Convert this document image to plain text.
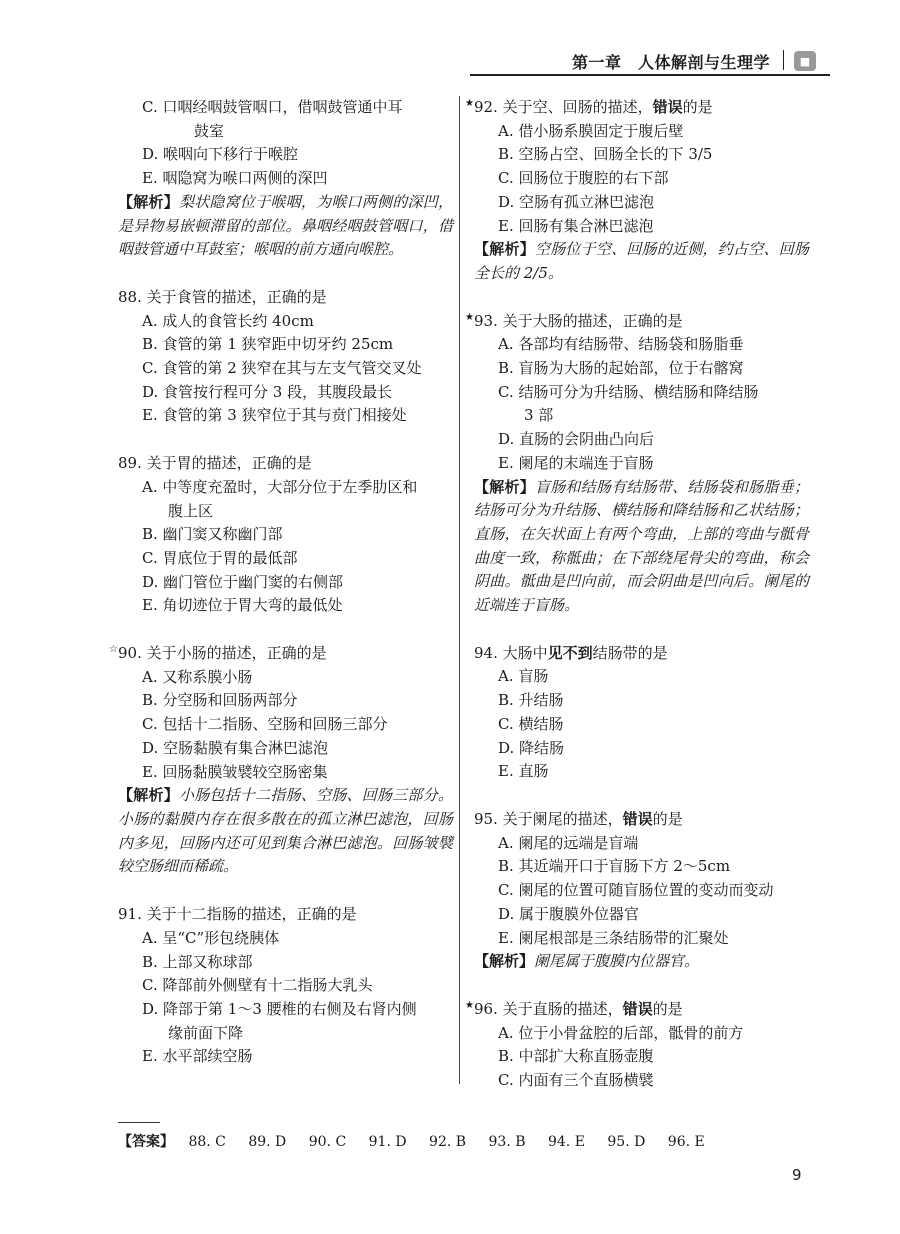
第一章　人体解剖与生理学	■
C. 口咽经咽鼓管咽口，借咽鼓管通中耳
鼓室
D. 喉咽向下移行于喉腔
E. 咽隐窝为喉口两侧的深凹
【解析】梨状隐窝位于喉咽，为喉口两侧的深凹，是异物易嵌顿滞留的部位。鼻咽经咽鼓管咽口，借咽鼓管通中耳鼓室；喉咽的前方通向喉腔。
88. 关于食管的描述，正确的是
A. 成人的食管长约 40cm
B. 食管的第 1 狭窄距中切牙约 25cm
C. 食管的第 2 狭窄在其与左支气管交叉处
D. 食管按行程可分 3 段，其腹段最长
E. 食管的第 3 狭窄位于其与贲门相接处
89. 关于胃的描述，正确的是
A. 中等度充盈时，大部分位于左季肋区和
腹上区
B. 幽门窦又称幽门部
C. 胃底位于胃的最低部
D. 幽门管位于幽门窦的右侧部
E. 角切迹位于胃大弯的最低处
☆ 90. 关于小肠的描述，正确的是
A. 又称系膜小肠
B. 分空肠和回肠两部分
C. 包括十二指肠、空肠和回肠三部分
D. 空肠黏膜有集合淋巴滤泡
E. 回肠黏膜皱襞较空肠密集
【解析】小肠包括十二指肠、空肠、回肠三部分。小肠的黏膜内存在很多散在的孤立淋巴滤泡，回肠内多见，回肠内还可见到集合淋巴滤泡。回肠皱襞较空肠细而稀疏。
91. 关于十二指肠的描述，正确的是
A. 呈“C”形包绕胰体
B. 上部又称球部
C. 降部前外侧壁有十二指肠大乳头
D. 降部于第 1～3 腰椎的右侧及右肾内侧
缘前面下降
E. 水平部续空肠
★ 92. 关于空、回肠的描述，错误的是
A. 借小肠系膜固定于腹后壁
B. 空肠占空、回肠全长的下 3/5
C. 回肠位于腹腔的右下部
D. 空肠有孤立淋巴滤泡
E. 回肠有集合淋巴滤泡
【解析】空肠位于空、回肠的近侧，约占空、回肠全长的 2/5。
★ 93. 关于大肠的描述，正确的是
A. 各部均有结肠带、结肠袋和肠脂垂
B. 盲肠为大肠的起始部，位于右髂窝
C. 结肠可分为升结肠、横结肠和降结肠
3 部
D. 直肠的会阴曲凸向后
E. 阑尾的末端连于盲肠
【解析】盲肠和结肠有结肠带、结肠袋和肠脂垂；结肠可分为升结肠、横结肠和降结肠和乙状结肠；直肠，在矢状面上有两个弯曲，上部的弯曲与骶骨曲度一致，称骶曲；在下部绕尾骨尖的弯曲，称会阴曲。骶曲是凹向前，而会阴曲是凹向后。阑尾的近端连于盲肠。
94. 大肠中见不到结肠带的是
A. 盲肠
B. 升结肠
C. 横结肠
D. 降结肠
E. 直肠
95. 关于阑尾的描述，错误的是
A. 阑尾的远端是盲端
B. 其近端开口于盲肠下方 2～5cm
C. 阑尾的位置可随盲肠位置的变动而变动
D. 属于腹膜外位器官
E. 阑尾根部是三条结肠带的汇聚处
【解析】阑尾属于腹膜内位器官。
★ 96. 关于直肠的描述，错误的是
A. 位于小骨盆腔的后部，骶骨的前方
B. 中部扩大称直肠壶腹
C. 内面有三个直肠横襞
【答案】 88. C 89. D 90. C 91. D 92. B 93. B 94. E 95. D 96. E
9
